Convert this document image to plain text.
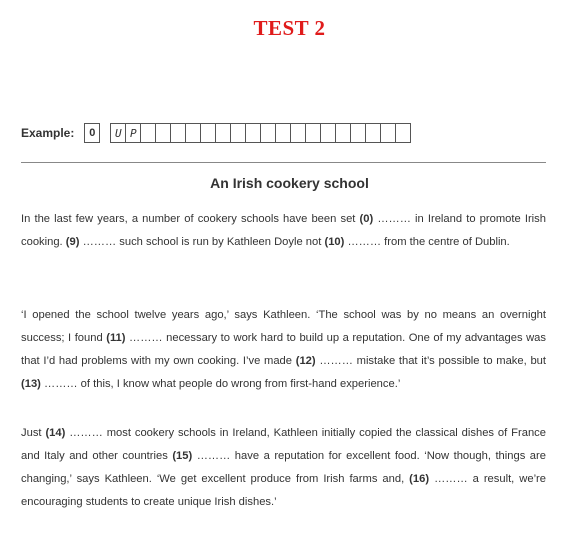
TEST 2
Example:	0	U P
An Irish cookery school

In the last few years, a number of cookery schools have been set (0) ……… in Ireland to promote Irish cooking. (9) ……… such school is run by Kathleen Doyle not (10) ……… from the centre of Dublin.

‘I opened the school twelve years ago,’ says Kathleen. ‘The school was by no means an overnight success; I found (11) ……… necessary to work hard to build up a reputation. One of my advantages was that I’d had problems with my own cooking. I’ve made (12) ……… mistake that it’s possible to make, but (13) ……… of this, I know what people do wrong from first-hand experience.’

Just (14) ……… most cookery schools in Ireland, Kathleen initially copied the classical dishes of France and Italy and other countries (15) ……… have a reputation for excellent food. ‘Now though, things are changing,’ says Kathleen. ‘We get excellent produce from Irish farms and, (16) ……… a result, we’re encouraging students to create unique Irish dishes.’
